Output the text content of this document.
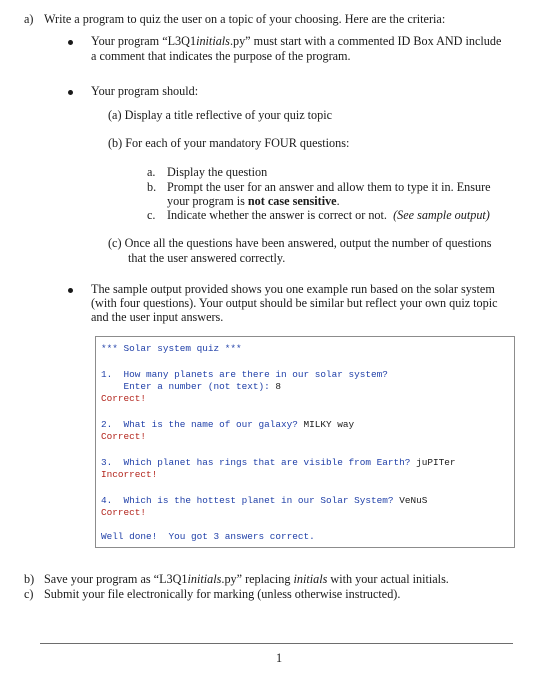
a) Write a program to quiz the user on a topic of your choosing. Here are the criteria:
Your program “L3Q1initials.py” must start with a commented ID Box AND include
a comment that indicates the purpose of the program.
Your program should:
(a) Display a title reflective of your quiz topic
(b) For each of your mandatory FOUR questions:
a. Display the question
b. Prompt the user for an answer and allow them to type it in. Ensure
your program is not case sensitive.
c. Indicate whether the answer is correct or not. (See sample output)
(c) Once all the questions have been answered, output the number of questions
that the user answered correctly.
The sample output provided shows you one example run based on the solar system
(with four questions). Your output should be similar but reflect your own quiz topic
and the user input answers.
*** Solar system quiz ***
1.  How many planets are there in our solar system?
Enter a number (not text): 8
Correct!
2.  What is the name of our galaxy? MILKY way
Correct!
3.  Which planet has rings that are visible from Earth? juPITer
Incorrect!
4.  Which is the hottest planet in our Solar System? VeNuS
Correct!
Well done!  You got 3 answers correct.
b) Save your program as “L3Q1initials.py” replacing initials with your actual initials.
c) Submit your file electronically for marking (unless otherwise instructed).
1
